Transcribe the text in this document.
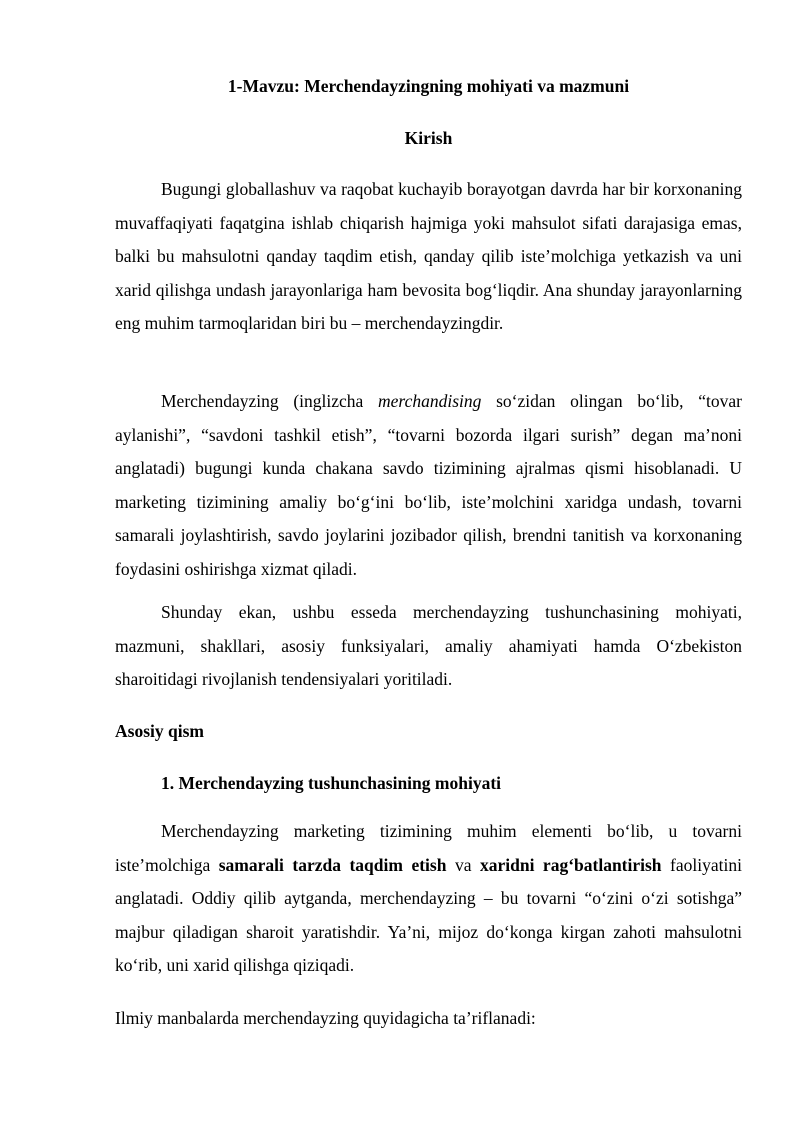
1-Mavzu: Merchendayzingning mohiyati va mazmuni
Kirish

Bugungi globallashuv va raqobat kuchayib borayotgan davrda har bir korxonaning muvaffaqiyati faqatgina ishlab chiqarish hajmiga yoki mahsulot sifati darajasiga emas, balki bu mahsulotni qanday taqdim etish, qanday qilib iste’molchiga yetkazish va uni xarid qilishga undash jarayonlariga ham bevosita bog‘liqdir. Ana shunday jarayonlarning eng muhim tarmoqlaridan biri bu – merchendayzingdir.

Merchendayzing (inglizcha merchandising so‘zidan olingan bo‘lib, “tovar aylanishi”, “savdoni tashkil etish”, “tovarni bozorda ilgari surish” degan ma’noni anglatadi) bugungi kunda chakana savdo tizimining ajralmas qismi hisoblanadi. U marketing tizimining amaliy bo‘g‘ini bo‘lib, iste’molchini xaridga undash, tovarni samarali joylashtirish, savdo joylarini jozibador qilish, brendni tanitish va korxonaning foydasini oshirishga xizmat qiladi.

Shunday ekan, ushbu esseda merchendayzing tushunchasining mohiyati, mazmuni, shakllari, asosiy funksiyalari, amaliy ahamiyati hamda O‘zbekiston sharoitidagi rivojlanish tendensiyalari yoritiladi.

Asosiy qism
1. Merchendayzing tushunchasining mohiyati

Merchendayzing marketing tizimining muhim elementi bo‘lib, u tovarni iste’molchiga samarali tarzda taqdim etish va xaridni rag‘batlantirish faoliyatini anglatadi. Oddiy qilib aytganda, merchendayzing – bu tovarni “o‘zini o‘zi sotishga” majbur qiladigan sharoit yaratishdir. Ya’ni, mijoz do‘konga kirgan zahoti mahsulotni ko‘rib, uni xarid qilishga qiziqadi.

Ilmiy manbalarda merchendayzing quyidagicha ta’riflanadi:
